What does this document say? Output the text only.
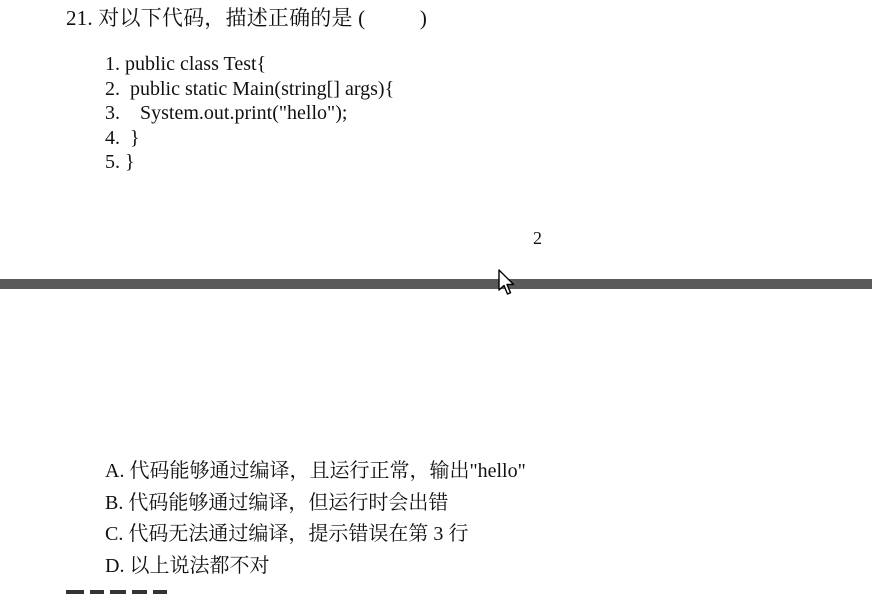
21. 对以下代码，描述正确的是 (          )
1. public class Test{
2.  public static Main(string[] args){
3.    System.out.print("hello");
4.  }
5. }
2
A. 代码能够通过编译，且运行正常，输出"hello"
B. 代码能够通过编译，但运行时会出错
C. 代码无法通过编译，提示错误在第 3 行
D. 以上说法都不对
